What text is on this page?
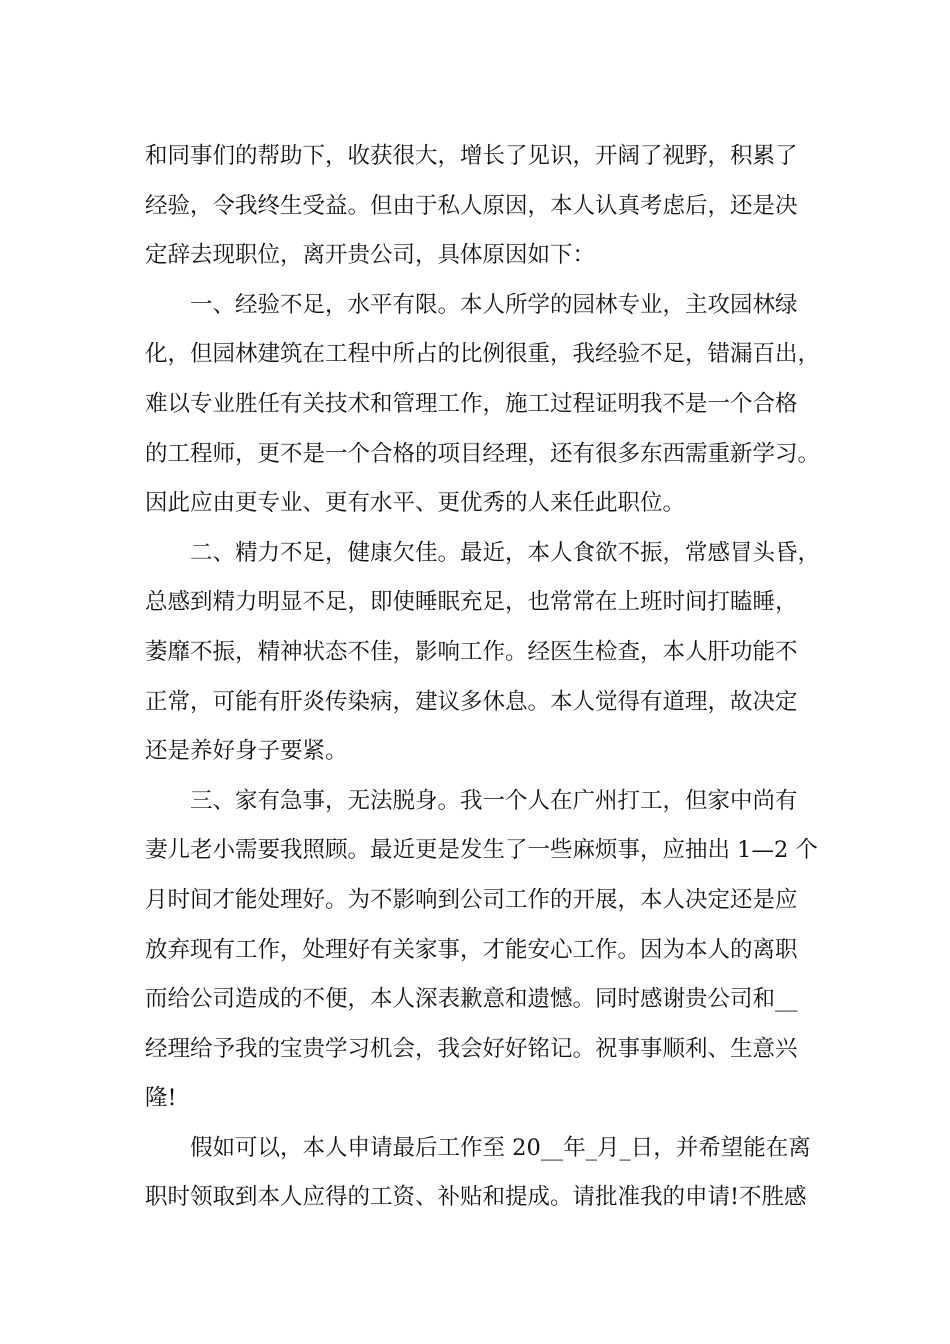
和同事们的帮助下，收获很大，增长了见识，开阔了视野，积累了
经验，令我终生受益。但由于私人原因，本人认真考虑后，还是决
定辞去现职位，离开贵公司，具体原因如下：
一、经验不足，水平有限。本人所学的园林专业，主攻园林绿
化，但园林建筑在工程中所占的比例很重，我经验不足，错漏百出，
难以专业胜任有关技术和管理工作，施工过程证明我不是一个合格
的工程师，更不是一个合格的项目经理，还有很多东西需重新学习。
因此应由更专业、更有水平、更优秀的人来任此职位。
二、精力不足，健康欠佳。最近，本人食欲不振，常感冒头昏，
总感到精力明显不足，即使睡眠充足，也常常在上班时间打瞌睡，
萎靡不振，精神状态不佳，影响工作。经医生检查，本人肝功能不
正常，可能有肝炎传染病，建议多休息。本人觉得有道理，故决定
还是养好身子要紧。
三、家有急事，无法脱身。我一个人在广州打工，但家中尚有
妻儿老小需要我照顾。最近更是发生了一些麻烦事，应抽出 1—2 个
月时间才能处理好。为不影响到公司工作的开展，本人决定还是应
放弃现有工作，处理好有关家事，才能安心工作。因为本人的离职
而给公司造成的不便，本人深表歉意和遗憾。同时感谢贵公司和__
经理给予我的宝贵学习机会，我会好好铭记。祝事事顺利、生意兴
隆!
假如可以，本人申请最后工作至 20__年_月_日，并希望能在离
职时领取到本人应得的工资、补贴和提成。请批准我的申请!不胜感
